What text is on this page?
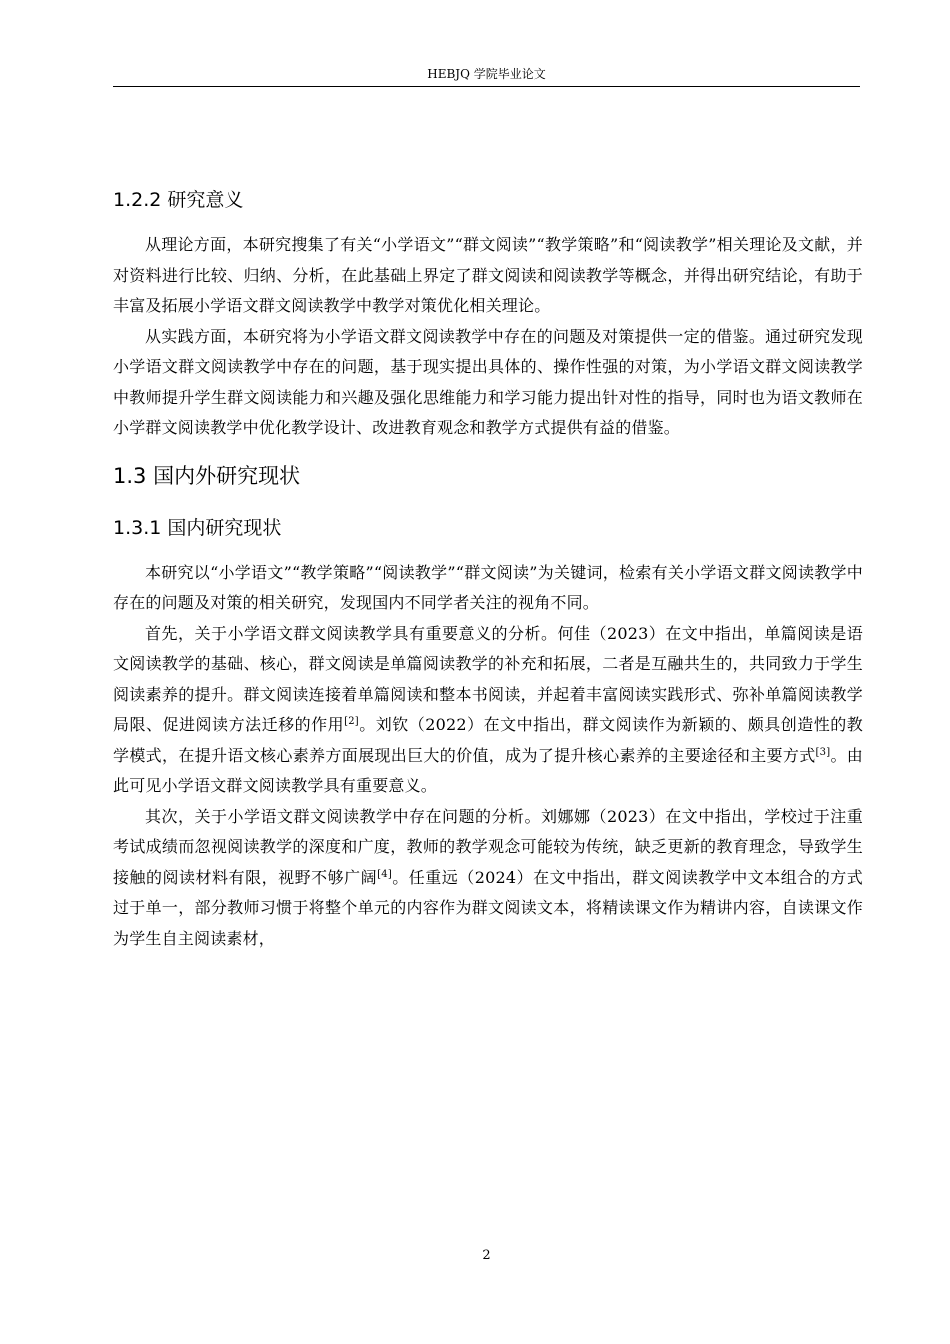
HEBJQ 学院毕业论文
1.2.2 研究意义

从理论方面，本研究搜集了有关“小学语文”“群文阅读”“教学策略”和“阅读教学”相关理论及文献，并对资料进行比较、归纳、分析，在此基础上界定了群文阅读和阅读教学等概念，并得出研究结论，有助于丰富及拓展小学语文群文阅读教学中教学对策优化相关理论。

从实践方面，本研究将为小学语文群文阅读教学中存在的问题及对策提供一定的借鉴。通过研究发现小学语文群文阅读教学中存在的问题，基于现实提出具体的、操作性强的对策，为小学语文群文阅读教学中教师提升学生群文阅读能力和兴趣及强化思维能力和学习能力提出针对性的指导，同时也为语文教师在小学群文阅读教学中优化教学设计、改进教育观念和教学方式提供有益的借鉴。

1.3 国内外研究现状
1.3.1 国内研究现状

本研究以“小学语文”“教学策略”“阅读教学”“群文阅读”为关键词，检索有关小学语文群文阅读教学中存在的问题及对策的相关研究，发现国内不同学者关注的视角不同。

首先，关于小学语文群文阅读教学具有重要意义的分析。何佳（2023）在文中指出，单篇阅读是语文阅读教学的基础、核心，群文阅读是单篇阅读教学的补充和拓展，二者是互融共生的，共同致力于学生阅读素养的提升。群文阅读连接着单篇阅读和整本书阅读，并起着丰富阅读实践形式、弥补单篇阅读教学局限、促进阅读方法迁移的作用[2]。刘钦（2022）在文中指出，群文阅读作为新颖的、颇具创造性的教学模式，在提升语文核心素养方面展现出巨大的价值，成为了提升核心素养的主要途径和主要方式[3]。由此可见小学语文群文阅读教学具有重要意义。

其次，关于小学语文群文阅读教学中存在问题的分析。刘娜娜（2023）在文中指出，学校过于注重考试成绩而忽视阅读教学的深度和广度，教师的教学观念可能较为传统，缺乏更新的教育理念，导致学生接触的阅读材料有限，视野不够广阔[4]。任重远（2024）在文中指出，群文阅读教学中文本组合的方式过于单一，部分教师习惯于将整个单元的内容作为群文阅读文本，将精读课文作为精讲内容，自读课文作为学生自主阅读素材，

2
